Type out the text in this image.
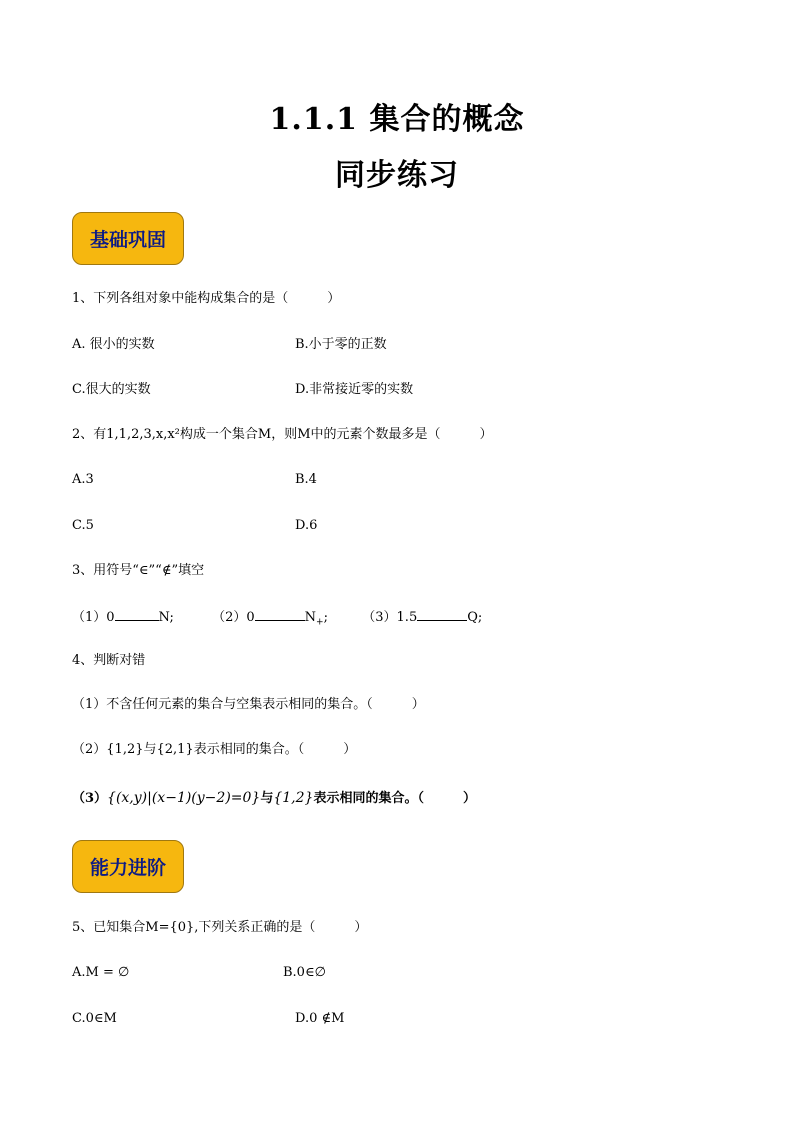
1.1.1 集合的概念
同步练习
基础巩固
1、下列各组对象中能构成集合的是（　　　）
A. 很小的实数	B.小于零的正数
C.很大的实数	D.非常接近零的实数
2、有1,1,2,3,x,x²构成一个集合M，则M中的元素个数最多是（　　　）
A.3	B.4
C.5	D.6
3、用符号“∈”“∉”填空
（1）0	N;	（2）0	$N_+$;	（3）1.5	Q;
4、判断对错
（1）不含任何元素的集合与空集表示相同的集合。（　　　）
（2）{1,2}与{2,1}表示相同的集合。（　　　）
（3）{(x,y)|(x−1)(y−2)=0}与{1,2}表示相同的集合。（　　　）
能力进阶
5、已知集合M={0},下列关系正确的是（　　　）
A.M = ∅	B.0∈∅
C.0∈M	D.0 ∉M
